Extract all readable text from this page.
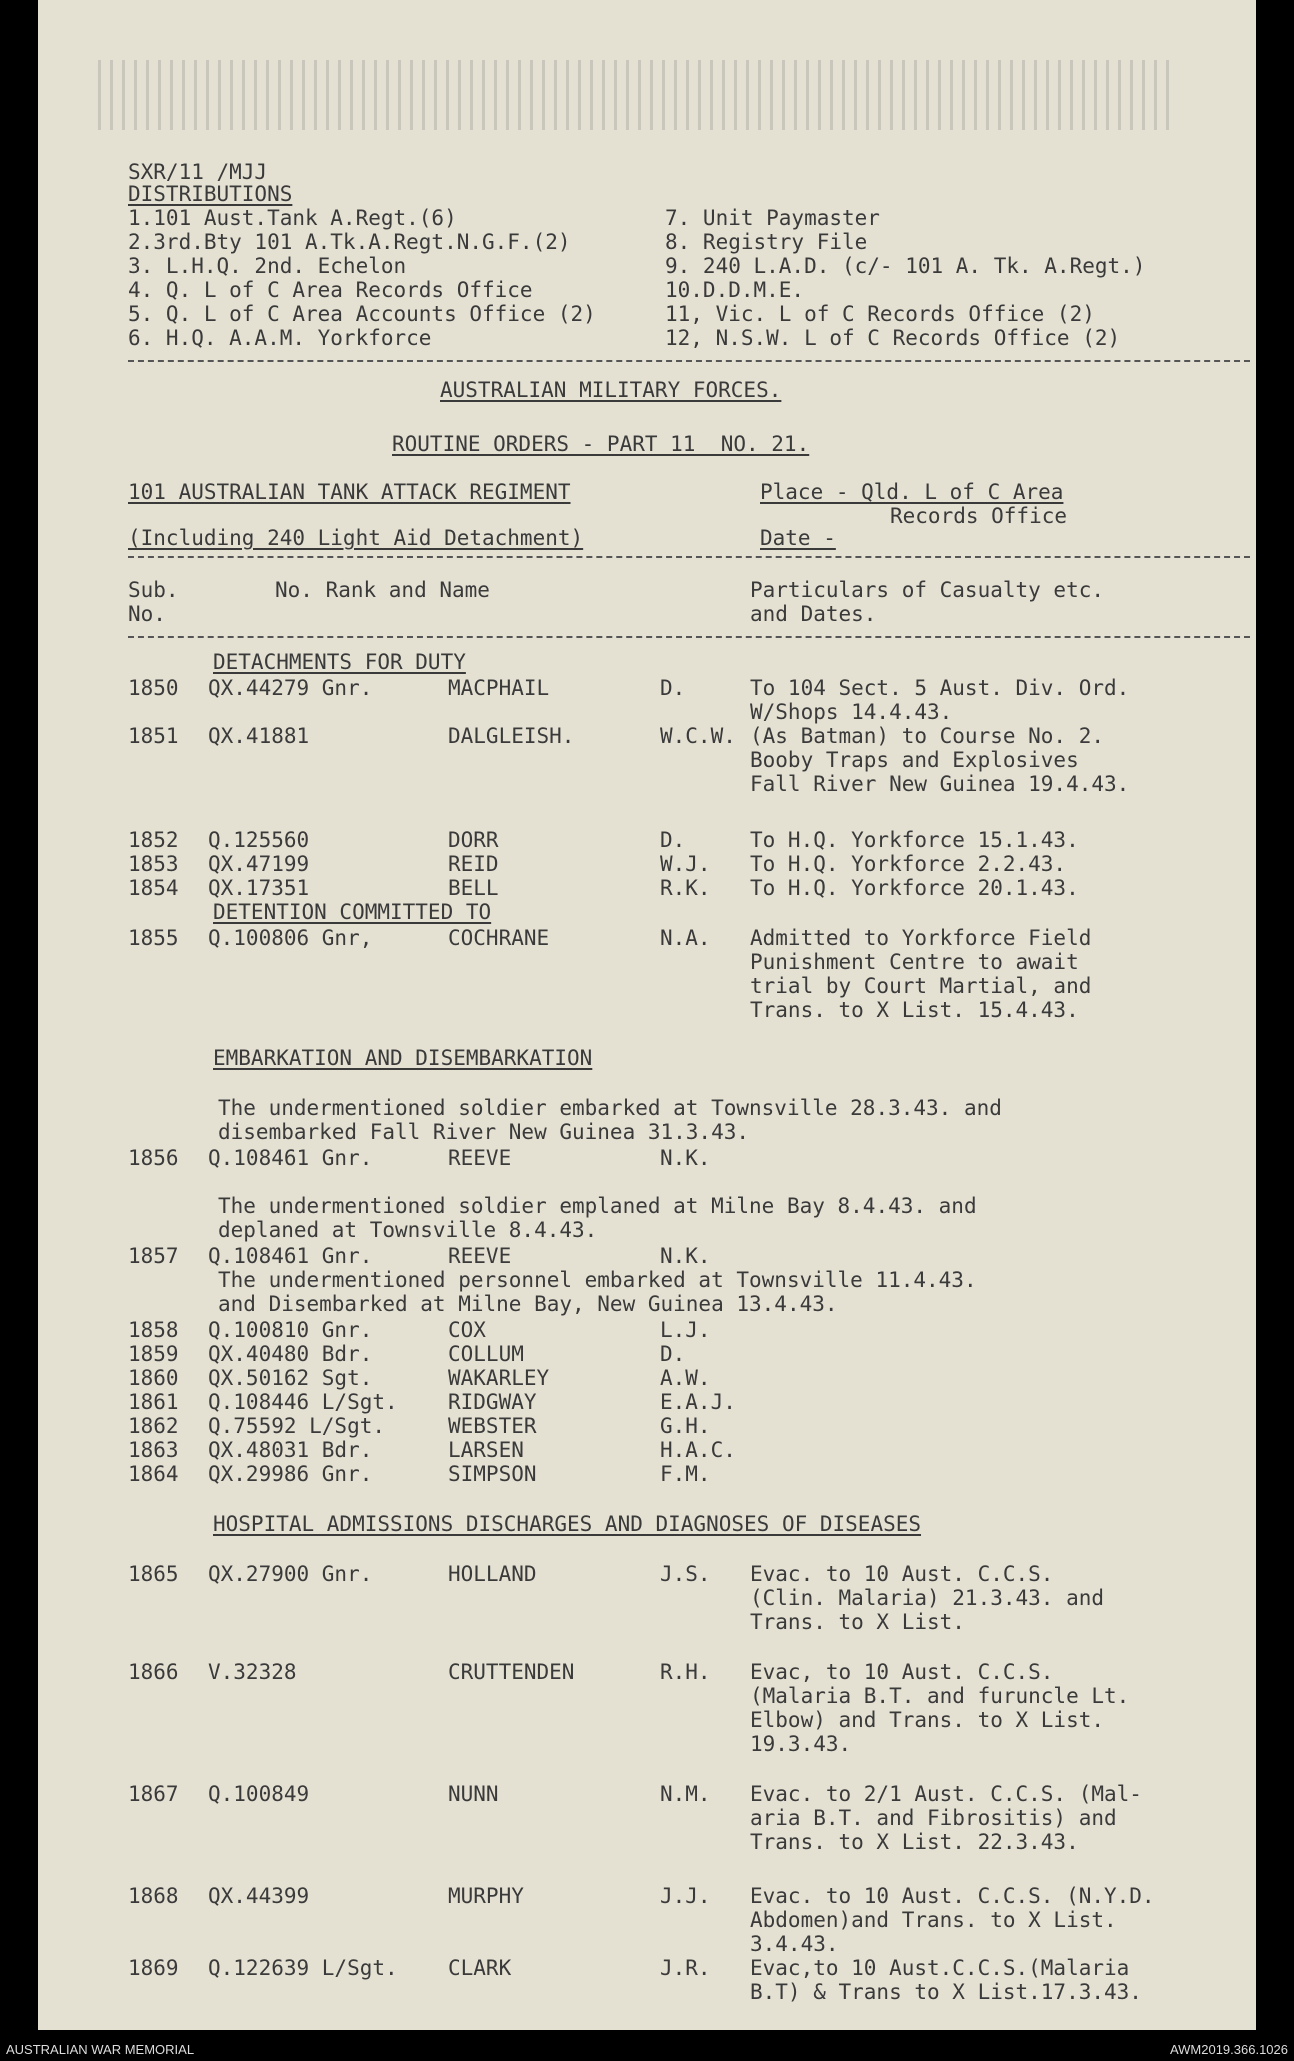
SXR/11 /MJJ
DISTRIBUTIONS
1.101 Aust.Tank A.Regt.(6)
2.3rd.Bty 101 A.Tk.A.Regt.N.G.F.(2)
3. L.H.Q. 2nd. Echelon
4. Q. L of C Area Records Office
5. Q. L of C Area Accounts Office (2)
6. H.Q. A.A.M. Yorkforce
7. Unit Paymaster
8. Registry File
9. 240 L.A.D. (c/- 101 A. Tk. A.Regt.)
10.D.D.M.E.
11, Vic. L of C Records Office (2)
12, N.S.W. L of C Records Office (2)
AUSTRALIAN MILITARY FORCES.
ROUTINE ORDERS - PART 11  NO. 21.
101 AUSTRALIAN TANK ATTACK REGIMENT
(Including 240 Light Aid Detachment)
Place - Qld. L of C Area
Records Office
Date -
Sub.
No.
No. Rank and Name	Particulars of Casualty etc.
and Dates.
DETACHMENTS FOR DUTY
1850 QX.44279 Gnr.	MACPHAIL	D.	To 104 Sect. 5 Aust. Div. Ord.
W/Shops 14.4.43.
1851 QX.41881	DALGLEISH.	W.C.W. (As Batman) to Course No. 2.
Booby Traps and Explosives
Fall River New Guinea 19.4.43.
1852 Q.125560	DORR	D.	To H.Q. Yorkforce 15.1.43.
1853 QX.47199	REID	W.J. To H.Q. Yorkforce 2.2.43.
1854 QX.17351	BELL	R.K. To H.Q. Yorkforce 20.1.43.
DETENTION COMMITTED TO
1855 Q.100806 Gnr,	COCHRANE	N.A. Admitted to Yorkforce Field
Punishment Centre to await
trial by Court Martial, and
Trans. to X List. 15.4.43.
EMBARKATION AND DISEMBARKATION
The undermentioned soldier embarked at Townsville 28.3.43. and
disembarked Fall River New Guinea 31.3.43.
1856 Q.108461 Gnr.	REEVE	N.K.
The undermentioned soldier emplaned at Milne Bay 8.4.43. and
deplaned at Townsville 8.4.43.
1857 Q.108461 Gnr.	REEVE	N.K.
The undermentioned personnel embarked at Townsville 11.4.43.
and Disembarked at Milne Bay, New Guinea 13.4.43.
1858 Q.100810 Gnr.	COX	L.J.
1859 QX.40480 Bdr.	COLLUM	D.
1860 QX.50162 Sgt.	WAKARLEY	A.W.
1861 Q.108446 L/Sgt. RIDGWAY	E.A.J.
1862 Q.75592 L/Sgt.	WEBSTER	G.H.
1863 QX.48031 Bdr.	LARSEN	H.A.C.
1864 QX.29986 Gnr.	SIMPSON	F.M.
HOSPITAL ADMISSIONS DISCHARGES AND DIAGNOSES OF DISEASES
1865 QX.27900 Gnr.	HOLLAND	J.S. Evac. to 10 Aust. C.C.S.
(Clin. Malaria) 21.3.43. and
Trans. to X List.
1866 V.32328	CRUTTENDEN	R.H. Evac, to 10 Aust. C.C.S.
(Malaria B.T. and furuncle Lt.
Elbow) and Trans. to X List.
19.3.43.
1867 Q.100849	NUNN	N.M. Evac. to 2/1 Aust. C.C.S. (Mal-
aria B.T. and Fibrositis) and
Trans. to X List. 22.3.43.
1868 QX.44399	MURPHY	J.J. Evac. to 10 Aust. C.C.S. (N.Y.D.
Abdomen)and Trans. to X List.
3.4.43.
1869 Q.122639 L/Sgt. CLARK	J.R. Evac,to 10 Aust.C.C.S.(Malaria
B.T) & Trans to X List.17.3.43.
AUSTRALIAN WAR MEMORIAL	AWM2019.366.1026
